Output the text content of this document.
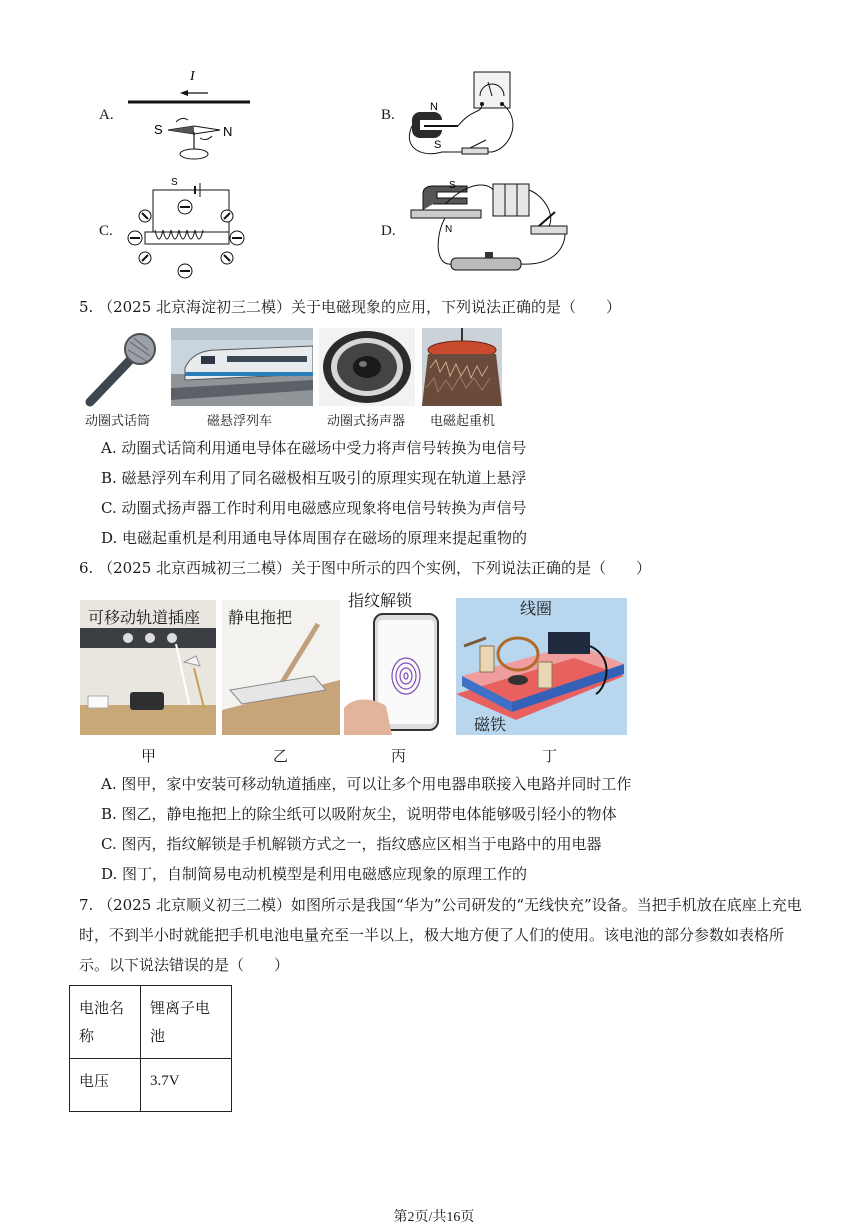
A.
I
S	N
B.	N
S
C.
S
D.
S
N
5. （2025 北京海淀初三二模）关于电磁现象的应用，下列说法正确的是（　　）
动圈式话筒	磁悬浮列车	动圈式扬声器 电磁起重机
A. 动圈式话筒利用通电导体在磁场中受力将声信号转换为电信号
B. 磁悬浮列车利用了同名磁极相互吸引的原理实现在轨道上悬浮
C. 动圈式扬声器工作时利用电磁感应现象将电信号转换为声信号
D. 电磁起重机是利用通电导体周围存在磁场的原理来提起重物的
6. （2025 北京西城初三二模）关于图中所示的四个实例，下列说法正确的是（　　）
可移动轨道插座 静电拖把
指纹解锁	线圈
磁铁
甲	乙	丙	丁
A. 图甲，家中安装可移动轨道插座，可以让多个用电器串联接入电路并同时工作
B. 图乙，静电拖把上的除尘纸可以吸附灰尘，说明带电体能够吸引轻小的物体
C. 图丙，指纹解锁是手机解锁方式之一，指纹感应区相当于电路中的用电器
D. 图丁，自制简易电动机模型是利用电磁感应现象的原理工作的
7. （2025 北京顺义初三二模）如图所示是我国“华为”公司研发的“无线快充”设备。当把手机放在底座上充电
时，不到半小时就能把手机电池电量充至一半以上，极大地方便了人们的使用。该电池的部分参数如表格所
示。以下说法错误的是（　　）
电池名称	锂离子电池
电压	3.7V
第2页/共16页
